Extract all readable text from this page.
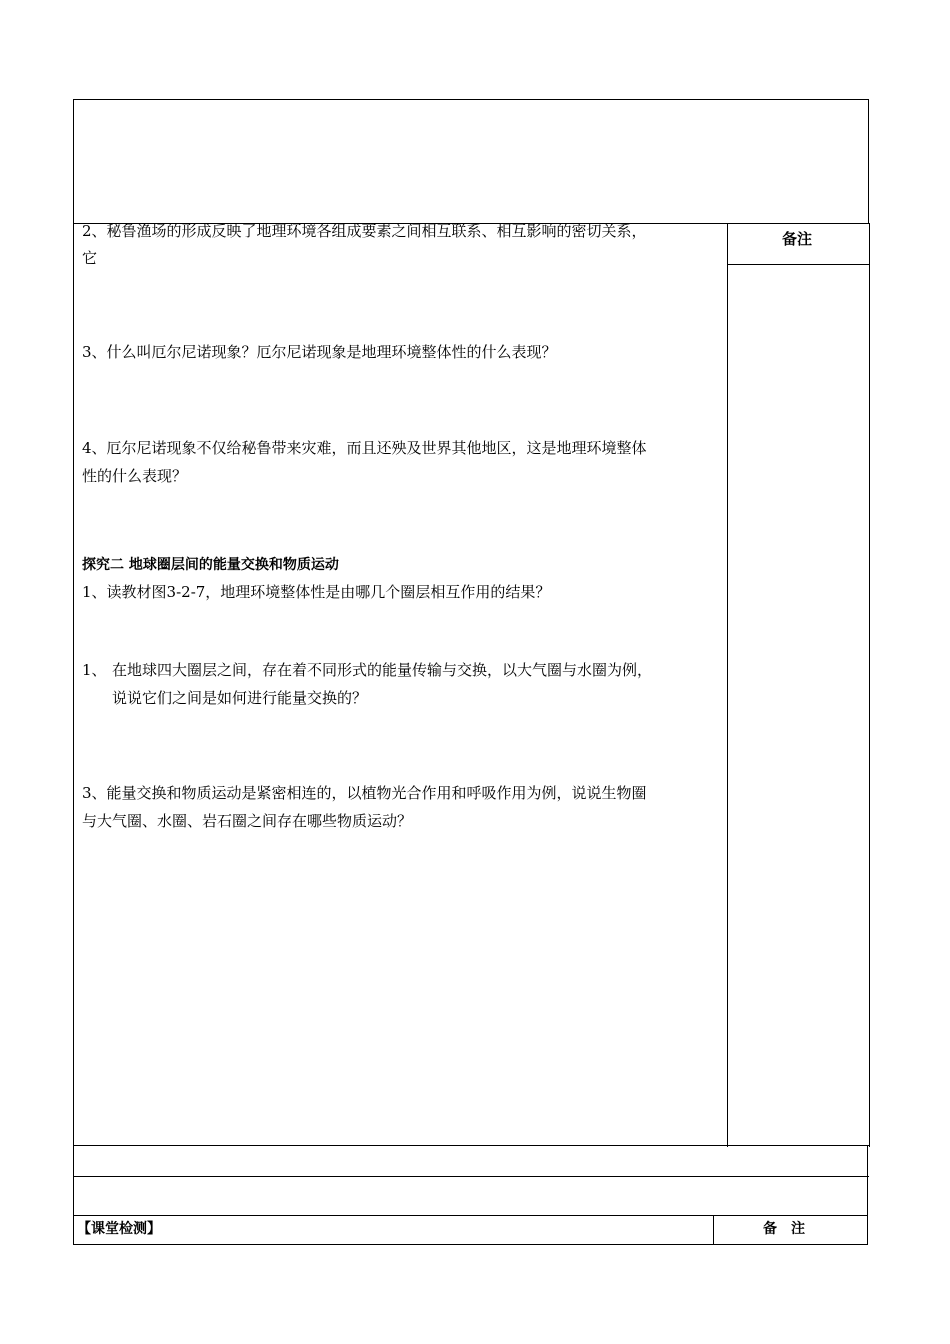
备注
2、秘鲁渔场的形成反映了地理环境各组成要素之间相互联系、相互影响的密切关系，
它
3、什么叫厄尔尼诺现象？厄尔尼诺现象是地理环境整体性的什么表现？
4、厄尔尼诺现象不仅给秘鲁带来灾难，而且还殃及世界其他地区，这是地理环境整体
性的什么表现？
探究二 地球圈层间的能量交换和物质运动
1、读教材图3-2-7，地理环境整体性是由哪几个圈层相互作用的结果？
1、 在地球四大圈层之间，存在着不同形式的能量传输与交换，以大气圈与水圈为例，
说说它们之间是如何进行能量交换的？
3、能量交换和物质运动是紧密相连的，以植物光合作用和呼吸作用为例，说说生物圈
与大气圈、水圈、岩石圈之间存在哪些物质运动？
【课堂检测】	备　注
